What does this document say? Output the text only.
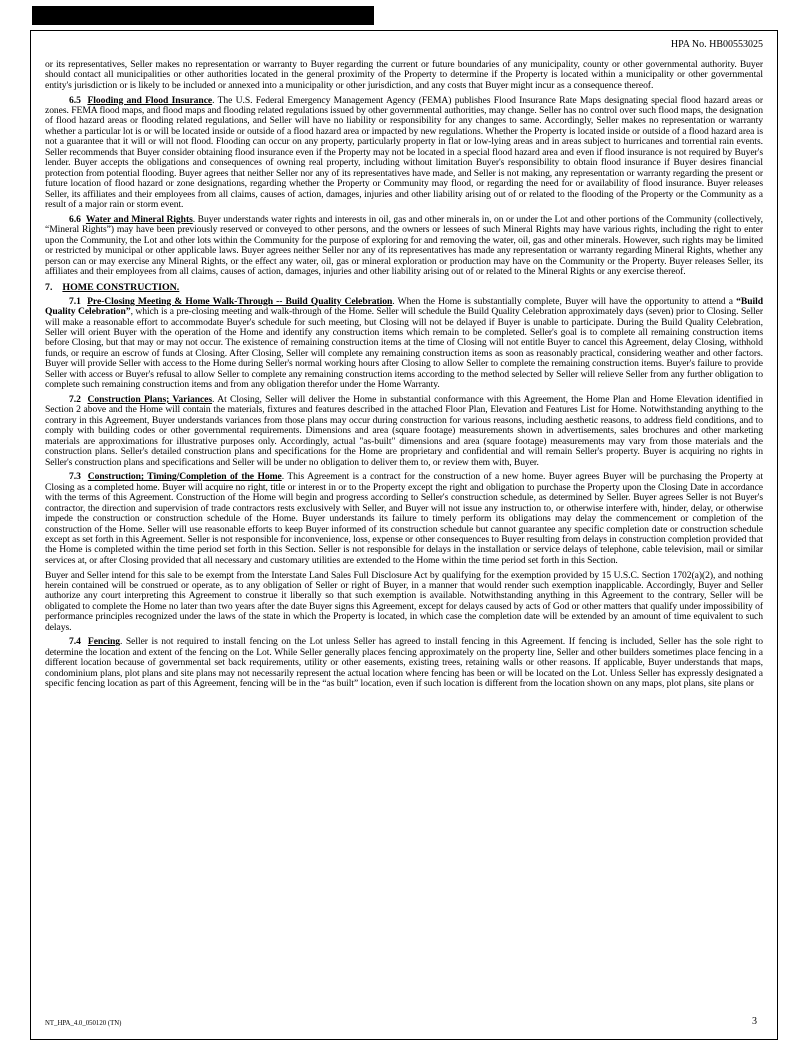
HPA No. HB00553025

or its representatives, Seller makes no representation or warranty to Buyer regarding the current or future boundaries of any municipality, county or other governmental authority. Buyer should contact all municipalities or other authorities located in the general proximity of the Property to determine if the Property is located within a municipality or other governmental entity's jurisdiction or is likely to be included or annexed into a municipality or other jurisdiction, and any costs that Buyer might incur as a consequence thereof.

6.5 Flooding and Flood Insurance. The U.S. Federal Emergency Management Agency (FEMA) publishes Flood Insurance Rate Maps designating special flood hazard areas or zones. FEMA flood maps, and flood maps and flooding related regulations issued by other governmental authorities, may change. Seller has no control over such flood maps, the designation of flood hazard areas or flooding related regulations, and Seller will have no liability or responsibility for any changes to same. Accordingly, Seller makes no representation or warranty whether a particular lot is or will be located inside or outside of a flood hazard area or impacted by new regulations. Whether the Property is located inside or outside of a flood hazard area is not a guarantee that it will or will not flood. Flooding can occur on any property, particularly property in flat or low-lying areas and in areas subject to hurricanes and torrential rain events. Seller recommends that Buyer consider obtaining flood insurance even if the Property may not be located in a special flood hazard area and even if flood insurance is not required by Buyer's lender. Buyer accepts the obligations and consequences of owning real property, including without limitation Buyer's responsibility to obtain flood insurance if Buyer desires financial protection from potential flooding. Buyer agrees that neither Seller nor any of its representatives have made, and Seller is not making, any representation or warranty regarding the present or future location of flood hazard or zone designations, regarding whether the Property or Community may flood, or regarding the need for or availability of flood insurance. Buyer releases Seller, its affiliates and their employees from all claims, causes of action, damages, injuries and other liability arising out of or related to the flooding of the Property or the Community as a result of a major rain or storm event.

6.6 Water and Mineral Rights. Buyer understands water rights and interests in oil, gas and other minerals in, on or under the Lot and other portions of the Community (collectively, “Mineral Rights”) may have been previously reserved or conveyed to other persons, and the owners or lessees of such Mineral Rights may have various rights, including the right to enter upon the Community, the Lot and other lots within the Community for the purpose of exploring for and removing the water, oil, gas and other minerals. However, such rights may be limited or restricted by municipal or other applicable laws. Buyer agrees neither Seller nor any of its representatives has made any representation or warranty regarding Mineral Rights, whether any person can or may exercise any Mineral Rights, or the effect any water, oil, gas or mineral exploration or production may have on the Community or the Property. Buyer releases Seller, its affiliates and their employees from all claims, causes of action, damages, injuries and other liability arising out of or related to the Mineral Rights or any exercise thereof.

7. HOME CONSTRUCTION.

7.1 Pre-Closing Meeting & Home Walk-Through -- Build Quality Celebration. When the Home is substantially complete, Buyer will have the opportunity to attend a “Build Quality Celebration”, which is a pre-closing meeting and walk-through of the Home. Seller will schedule the Build Quality Celebration approximately days (seven) prior to Closing. Seller will make a reasonable effort to accommodate Buyer's schedule for such meeting, but Closing will not be delayed if Buyer is unable to participate. During the Build Quality Celebration, Seller will orient Buyer with the operation of the Home and identify any construction items which remain to be completed. Seller's goal is to complete all remaining construction items before Closing, but that may or may not occur. The existence of remaining construction items at the time of Closing will not entitle Buyer to cancel this Agreement, delay Closing, withhold funds, or require an escrow of funds at Closing. After Closing, Seller will complete any remaining construction items as soon as reasonably practical, considering weather and other factors. Buyer will provide Seller with access to the Home during Seller's normal working hours after Closing to allow Seller to complete the remaining construction items. Buyer's failure to provide Seller with access or Buyer's refusal to allow Seller to complete any remaining construction items according to the method selected by Seller will relieve Seller from any further obligation to complete such remaining construction items and from any obligation therefor under the Home Warranty.

7.2 Construction Plans; Variances. At Closing, Seller will deliver the Home in substantial conformance with this Agreement, the Home Plan and Home Elevation identified in Section 2 above and the Home will contain the materials, fixtures and features described in the attached Floor Plan, Elevation and Features List for Home. Notwithstanding anything to the contrary in this Agreement, Buyer understands variances from those plans may occur during construction for various reasons, including aesthetic reasons, to address field conditions, and to comply with building codes or other governmental requirements. Dimensions and area (square footage) measurements shown in advertisements, sales brochures and other marketing materials are approximations for illustrative purposes only. Accordingly, actual "as-built" dimensions and area (square footage) measurements may vary from those materials and the construction plans. Seller's detailed construction plans and specifications for the Home are proprietary and confidential and will remain Seller's property. Buyer is acquiring no rights in Seller's construction plans and specifications and Seller will be under no obligation to deliver them to, or review them with, Buyer.

7.3 Construction; Timing/Completion of the Home. This Agreement is a contract for the construction of a new home. Buyer agrees Buyer will be purchasing the Property at Closing as a completed home. Buyer will acquire no right, title or interest in or to the Property except the right and obligation to purchase the Property upon the Closing Date in accordance with the terms of this Agreement. Construction of the Home will begin and progress according to Seller's construction schedule, as determined by Seller. Buyer agrees Seller is not Buyer's contractor, the direction and supervision of trade contractors rests exclusively with Seller, and Buyer will not issue any instruction to, or otherwise interfere with, hinder, delay, or otherwise impede the construction or construction schedule of the Home. Buyer understands its failure to timely perform its obligations may delay the commencement or completion of the construction of the Home. Seller will use reasonable efforts to keep Buyer informed of its construction schedule but cannot guarantee any specific completion date or construction schedule except as set forth in this Agreement. Seller is not responsible for inconvenience, loss, expense or other consequences to Buyer resulting from delays in construction completion provided that the Home is completed within the time period set forth in this Section. Seller is not responsible for delays in the installation or service delays of telephone, cable television, mail or similar services at, or after Closing provided that all necessary and customary utilities are extended to the Home within the time period set forth in this Section.

Buyer and Seller intend for this sale to be exempt from the Interstate Land Sales Full Disclosure Act by qualifying for the exemption provided by 15 U.S.C. Section 1702(a)(2), and nothing herein contained will be construed or operate, as to any obligation of Seller or right of Buyer, in a manner that would render such exemption inapplicable. Accordingly, Buyer and Seller authorize any court interpreting this Agreement to construe it liberally so that such exemption is available. Notwithstanding anything in this Agreement to the contrary, Seller will be obligated to complete the Home no later than two years after the date Buyer signs this Agreement, except for delays caused by acts of God or other matters that qualify under impossibility of performance principles recognized under the laws of the state in which the Property is located, in which case the completion date will be extended by an amount of time equivalent to such delays.

7.4 Fencing. Seller is not required to install fencing on the Lot unless Seller has agreed to install fencing in this Agreement. If fencing is included, Seller has the sole right to determine the location and extent of the fencing on the Lot. While Seller generally places fencing approximately on the property line, Seller and other builders sometimes place fencing in a different location because of governmental set back requirements, utility or other easements, existing trees, retaining walls or other reasons. If applicable, Buyer understands that maps, condominium plans, plot plans and site plans may not necessarily represent the actual location where fencing has been or will be located on the Lot. Unless Seller has expressly designated a specific fencing location as part of this Agreement, fencing will be in the “as built” location, even if such location is different from the location shown on any maps, plot plans, site plans or

NT_HPA_4.0_050120 (TN)	3
